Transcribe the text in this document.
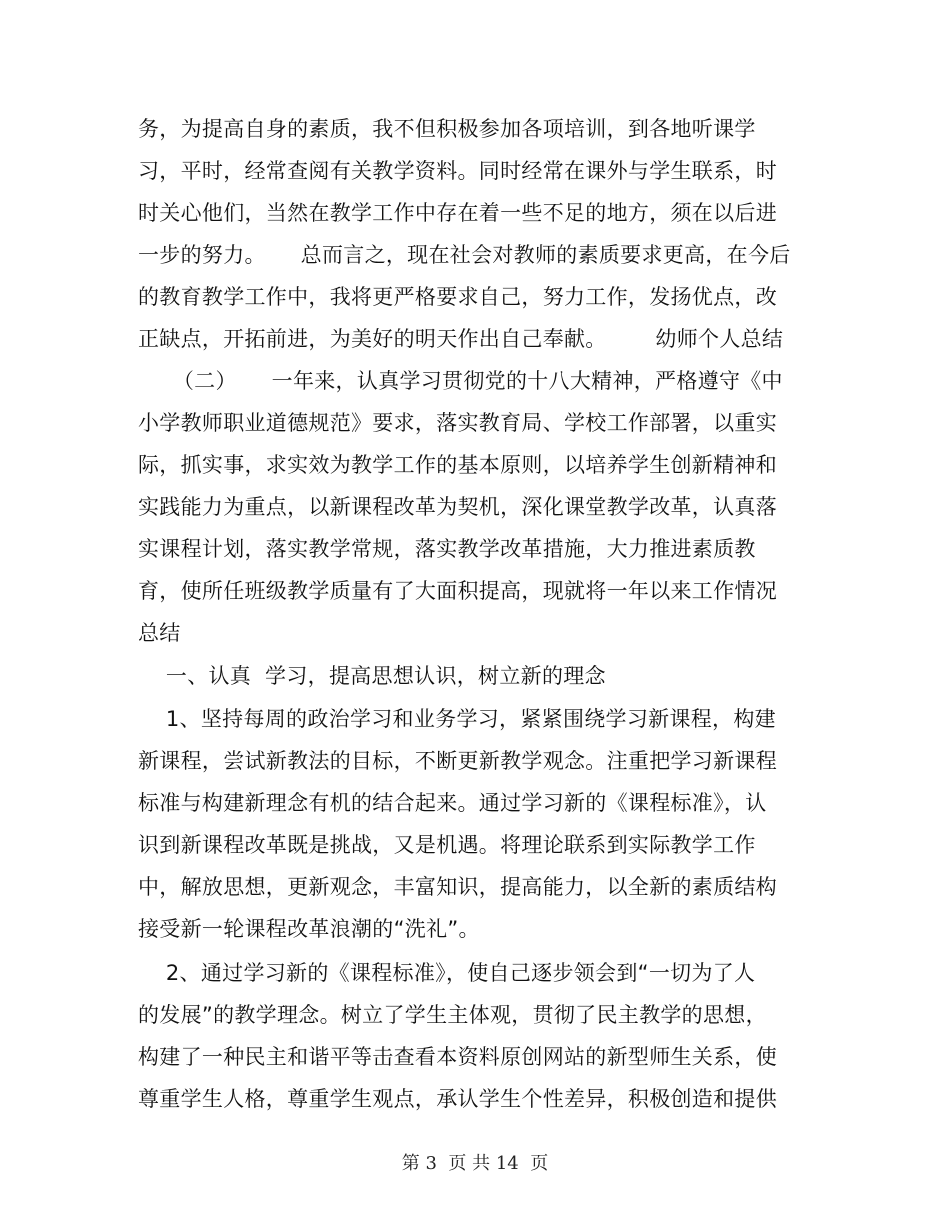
务，为提高自身的素质，我不但积极参加各项培训，到各地听课学
习，平时，经常查阅有关教学资料。同时经常在课外与学生联系，时
时关心他们，当然在教学工作中存在着一些不足的地方，须在以后进
一步的努力。     总而言之，现在社会对教师的素质要求更高，在今后
的教育教学工作中，我将更严格要求自己，努力工作，发扬优点，改
正缺点，开拓前进，为美好的明天作出自己奉献。       幼师个人总结
（二）     一年来，认真学习贯彻党的十八大精神，严格遵守《中
小学教师职业道德规范》要求，落实教育局、学校工作部署，以重实
际，抓实事，求实效为教学工作的基本原则，以培养学生创新精神和
实践能力为重点，以新课程改革为契机，深化课堂教学改革，认真落
实课程计划，落实教学常规，落实教学改革措施，大力推进素质教
育，使所任班级教学质量有了大面积提高，现就将一年以来工作情况
总结
一、认真  学习，提高思想认识，树立新的理念
1、坚持每周的政治学习和业务学习，紧紧围绕学习新课程，构建
新课程，尝试新教法的目标，不断更新教学观念。注重把学习新课程
标准与构建新理念有机的结合起来。通过学习新的《课程标准》，认
识到新课程改革既是挑战，又是机遇。将理论联系到实际教学工作
中，解放思想，更新观念，丰富知识，提高能力，以全新的素质结构
接受新一轮课程改革浪潮的“洗礼”。
2、通过学习新的《课程标准》，使自己逐步领会到“一切为了人
的发展”的教学理念。树立了学生主体观，贯彻了民主教学的思想，
构建了一种民主和谐平等击查看本资料原创网站的新型师生关系，使
尊重学生人格，尊重学生观点，承认学生个性差异，积极创造和提供
第 3  页 共 14  页
